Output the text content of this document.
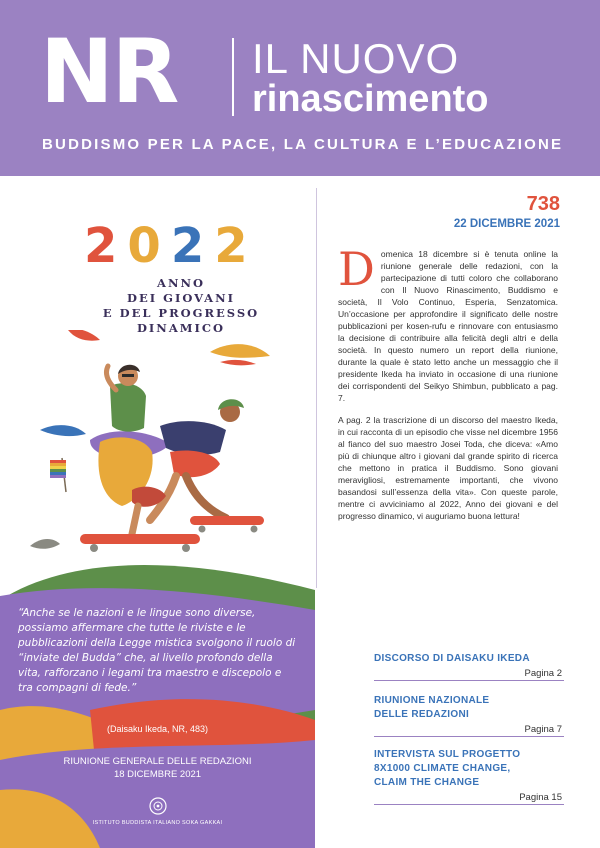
NR IL NUOVO
rinascimento
BUDDISMO PER LA PACE, LA CULTURA E L’EDUCAZIONE
2022
ANNO
DEI GIOVANI
E DEL PROGRESSO
DINAMICO
“Anche se le nazioni e le lingue sono diverse, possiamo affermare che tutte le riviste e le pubblicazioni della Legge mistica svolgono il ruolo di “inviate del Budda” che, al livello profondo della vita, rafforzano i legami tra maestro e discepolo e tra compagni di fede.”
(Daisaku Ikeda, NR, 483)
RIUNIONE GENERALE DELLE REDAZIONI
18 DICEMBRE 2021
ISTITUTO BUDDISTA ITALIANO SOKA GAKKAI
738
22 DICEMBRE 2021

Domenica 18 dicembre si è tenuta online la riunione generale delle redazioni, con la partecipazione di tutti coloro che collaborano con Il Nuovo Rinascimento, Buddismo e società, Il Volo Continuo, Esperia, Senzatomica. Un’occasione per approfondire il significato delle nostre pubblicazioni per kosen-rufu e rinnovare con entusiasmo la decisione di contribuire alla felicità degli altri e della società. In questo numero un report della riunione, durante la quale è stato letto anche un messaggio che il presidente Ikeda ha inviato in occasione di una riunione dei corrispondenti del Seikyo Shimbun, pubblicato a pag. 7.

A pag. 2 la trascrizione di un discorso del maestro Ikeda, in cui racconta di un episodio che visse nel dicembre 1956 al fianco del suo maestro Josei Toda, che diceva: «Amo più di chiunque altro i giovani dal grande spirito di ricerca che mettono in pratica il Buddismo. Sono giovani meravigliosi, estremamente importanti, che vivono basandosi sull’essenza della vita». Con queste parole, mentre ci avviciniamo al 2022, Anno dei giovani e del progresso dinamico, vi auguriamo buona lettura!

DISCORSO DI DAISAKU IKEDA
Pagina 2
RIUNIONE NAZIONALE
DELLE REDAZIONI
Pagina 7
INTERVISTA SUL PROGETTO
8X1000 CLIMATE CHANGE,
CLAIM THE CHANGE
Pagina 15
